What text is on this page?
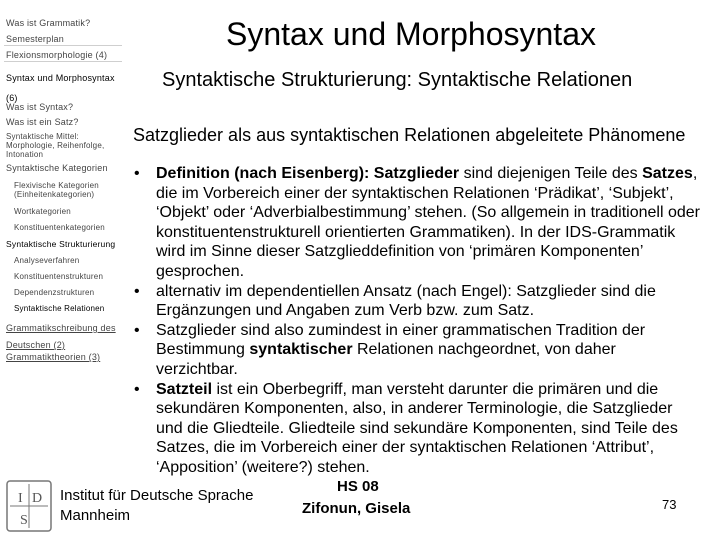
Was ist Grammatik?
Semesterplan
Flexionsmorphologie (4)
Syntax und Morphosyntax (6)
Was ist Syntax?
Was ist ein Satz?
Syntaktische Mittel: Morphologie, Reihenfolge, Intonation
Syntaktische Kategorien
Flexivische Kategorien (Einheitenkategorien)
Wortkategorien
Konstituentenkategorien
Syntaktische Strukturierung
Analyseverfahren
Konstituentenstrukturen
Dependenzstrukturen
Syntaktische Relationen
Grammatikschreibung des Deutschen (2)
Grammatiktheorien (3)
Syntax und Morphosyntax
Syntaktische Strukturierung: Syntaktische Relationen
Satzglieder als aus syntaktischen Relationen abgeleitete Phänomene

• Definition (nach Eisenberg): Satzglieder sind diejenigen Teile des Satzes, die im Vorbereich einer der syntaktischen Relationen ‘Prädikat’, ‘Subjekt’, ‘Objekt’ oder ‘Adverbialbestimmung’ stehen. (So allgemein in traditionell oder konstituentenstrukturell orientierten Grammatiken). In der IDS-Grammatik wird im Sinne dieser Satzglieddefinition von ‘primären Komponenten’ gesprochen.

• alternativ im dependentiellen Ansatz (nach Engel): Satzglieder sind die Ergänzungen und Angaben zum Verb bzw. zum Satz.

• Satzglieder sind also zumindest in einer grammatischen Tradition der Bestimmung syntaktischer Relationen nachgeordnet, von daher verzichtbar.

• Satzteil ist ein Oberbegriff, man versteht darunter die primären und die sekundären Komponenten, also, in anderer Terminologie, die Satzglieder und die Gliedteile. Gliedteile sind sekundäre Komponenten, sind Teile des Satzes, die im Vorbereich einer der syntaktischen Relationen ‘Attribut’, ‘Apposition’ (weitere?) stehen.

I D
S
Institut für Deutsche Sprache
Mannheim
HS 08
Zifonun, Gisela	73
